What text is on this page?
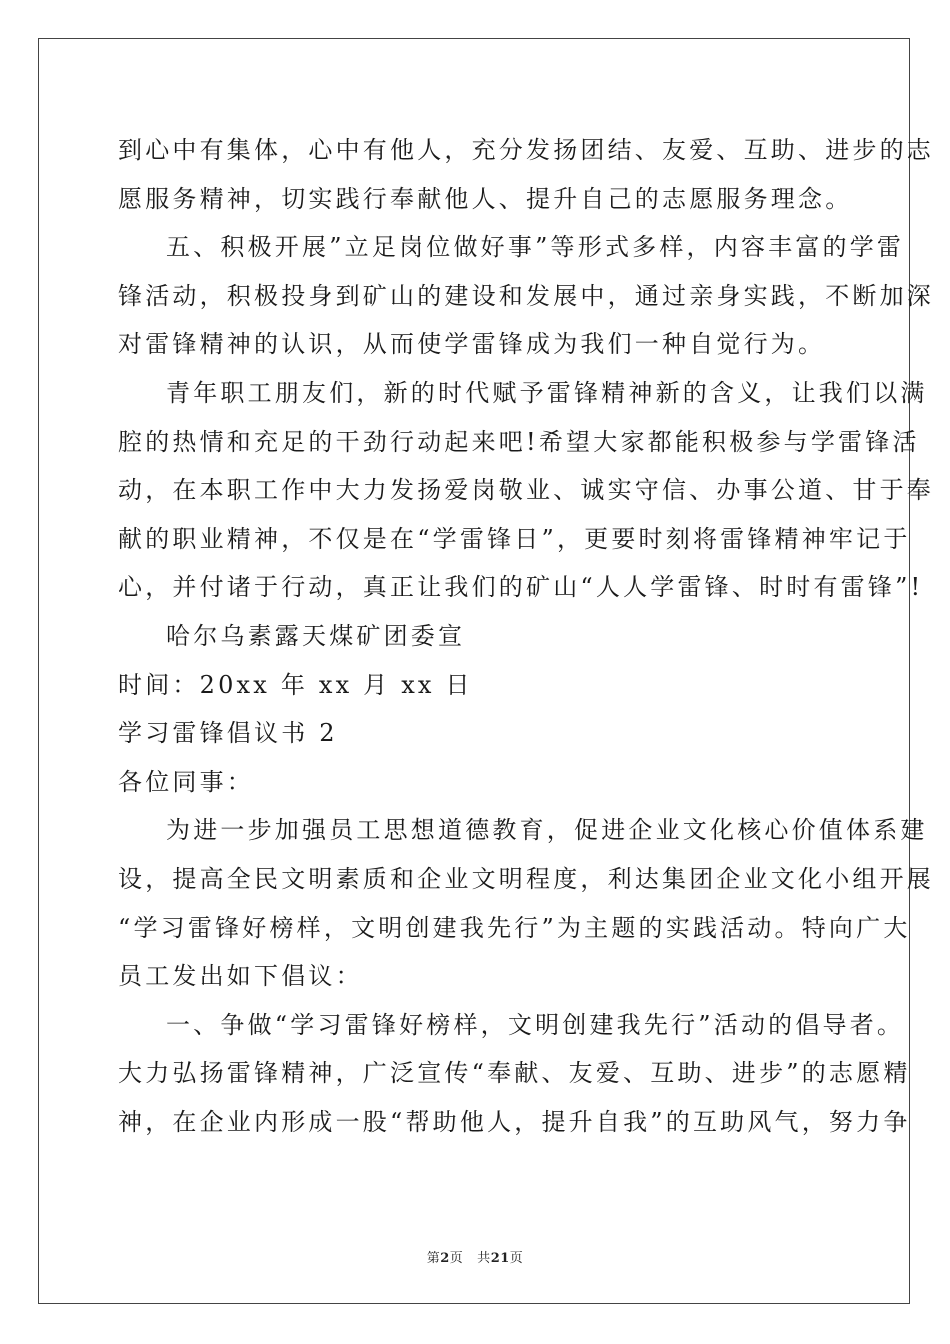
到心中有集体，心中有他人，充分发扬团结、友爱、互助、进步的志
愿服务精神，切实践行奉献他人、提升自己的志愿服务理念。
五、积极开展”立足岗位做好事”等形式多样，内容丰富的学雷
锋活动，积极投身到矿山的建设和发展中，通过亲身实践，不断加深
对雷锋精神的认识，从而使学雷锋成为我们一种自觉行为。
青年职工朋友们，新的时代赋予雷锋精神新的含义，让我们以满
腔的热情和充足的干劲行动起来吧!希望大家都能积极参与学雷锋活
动，在本职工作中大力发扬爱岗敬业、诚实守信、办事公道、甘于奉
献的职业精神，不仅是在“学雷锋日”，更要时刻将雷锋精神牢记于
心，并付诸于行动，真正让我们的矿山“人人学雷锋、时时有雷锋”!
哈尔乌素露天煤矿团委宣
时间：20xx 年 xx 月 xx 日
学习雷锋倡议书 2
各位同事：
为进一步加强员工思想道德教育，促进企业文化核心价值体系建
设，提高全民文明素质和企业文明程度，利达集团企业文化小组开展
“学习雷锋好榜样，文明创建我先行”为主题的实践活动。特向广大
员工发出如下倡议：
一、争做“学习雷锋好榜样，文明创建我先行”活动的倡导者。
大力弘扬雷锋精神，广泛宣传“奉献、友爱、互助、进步”的志愿精
神，在企业内形成一股“帮助他人，提升自我”的互助风气，努力争
第2页 共21页
